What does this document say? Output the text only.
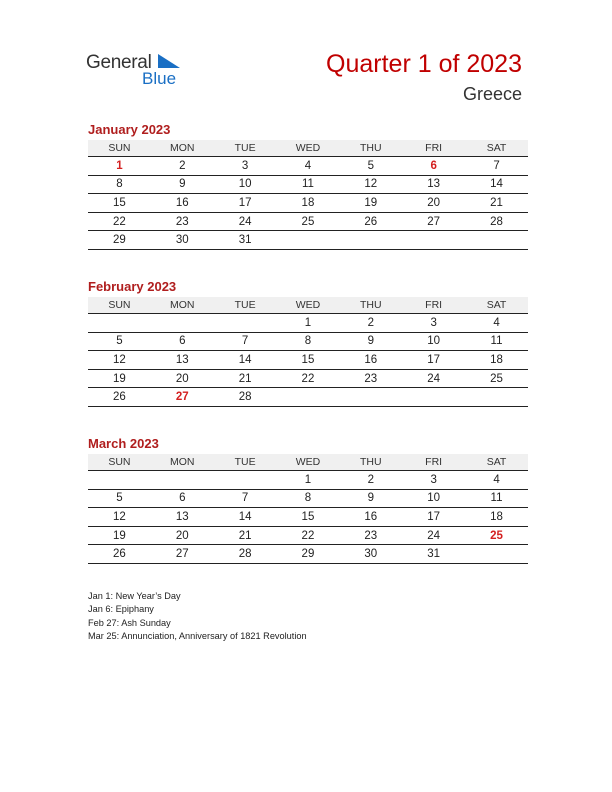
General
Blue
Quarter 1 of 2023
Greece
January 2023
SUN	MON	TUE	WED	THU	FRI	SAT
1	2	3	4	5	6	7
8	9	10	11	12	13	14
15	16	17	18	19	20	21
22	23	24	25	26	27	28
29	30	31				
February 2023
SUN	MON	TUE	WED	THU	FRI	SAT
			1	2	3	4
5	6	7	8	9	10	11
12	13	14	15	16	17	18
19	20	21	22	23	24	25
26	27	28				
March 2023
SUN	MON	TUE	WED	THU	FRI	SAT
			1	2	3	4
5	6	7	8	9	10	11
12	13	14	15	16	17	18
19	20	21	22	23	24	25
26	27	28	29	30	31	
Jan 1: New Year’s Day
Jan 6: Epiphany
Feb 27: Ash Sunday
Mar 25: Annunciation, Anniversary of 1821 Revolution
